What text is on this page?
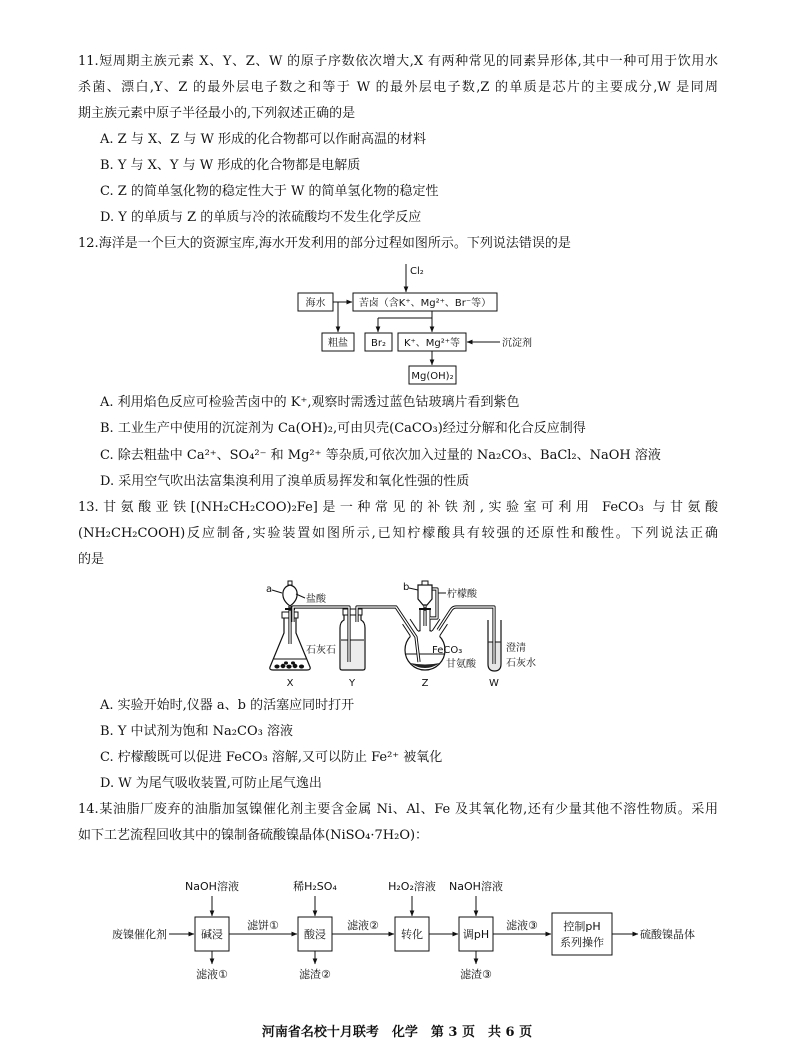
11.短周期主族元素 X、Y、Z、W 的原子序数依次增大,X 有两种常见的同素异形体,其中一种可用于饮用水
杀菌、漂白,Y、Z 的最外层电子数之和等于 W 的最外层电子数,Z 的单质是芯片的主要成分,W 是同周
期主族元素中原子半径最小的,下列叙述正确的是
A. Z 与 X、Z 与 W 形成的化合物都可以作耐高温的材料
B. Y 与 X、Y 与 W 形成的化合物都是电解质
C. Z 的简单氢化物的稳定性大于 W 的简单氢化物的稳定性
D. Y 的单质与 Z 的单质与冷的浓硫酸均不发生化学反应
12.海洋是一个巨大的资源宝库,海水开发利用的部分过程如图所示。下列说法错误的是
Cl₂
海水
粗盐
苦卤（含K⁺、Mg²⁺、Br⁻等）
Br₂ K⁺、Mg²⁺等	沉淀剂
Mg(OH)₂
A. 利用焰色反应可检验苦卤中的 K⁺,观察时需透过蓝色钴玻璃片看到紫色
B. 工业生产中使用的沉淀剂为 Ca(OH)₂,可由贝壳(CaCO₃)经过分解和化合反应制得
C. 除去粗盐中 Ca²⁺、SO₄²⁻ 和 Mg²⁺ 等杂质,可依次加入过量的 Na₂CO₃、BaCl₂、NaOH 溶液
D. 采用空气吹出法富集溴利用了溴单质易挥发和氧化性强的性质
13.甘氨酸亚铁[(NH₂CH₂COO)₂Fe]是一种常见的补铁剂,实验室可利用 FeCO₃ 与甘氨酸
(NH₂CH₂COOH)反应制备,实验装置如图所示,已知柠檬酸具有较强的还原性和酸性。下列说法正确
的是
a
盐酸
石灰石
b
柠檬酸
FeCO₃
甘氨酸
澄清
石灰水
X	Y	Z	W
A. 实验开始时,仪器 a、b 的活塞应同时打开
B. Y 中试剂为饱和 Na₂CO₃ 溶液
C. 柠檬酸既可以促进 FeCO₃ 溶解,又可以防止 Fe²⁺ 被氧化
D. W 为尾气吸收装置,可防止尾气逸出
14.某油脂厂废弃的油脂加氢镍催化剂主要含金属 Ni、Al、Fe 及其氧化物,还有少量其他不溶性物质。采用
如下工艺流程回收其中的镍制备硫酸镍晶体(NiSO₄·7H₂O)：
NaOH溶液	稀H₂SO₄	H₂O₂溶液 NaOH溶液
废镍催化剂	碱浸
滤饼①
酸浸
滤液②
转化	调pH
滤液③ 控制pH
系列操作
硫酸镍晶体
滤液①	滤渣②	滤渣③
河南省名校十月联考　化学　第 3 页　共 6 页
